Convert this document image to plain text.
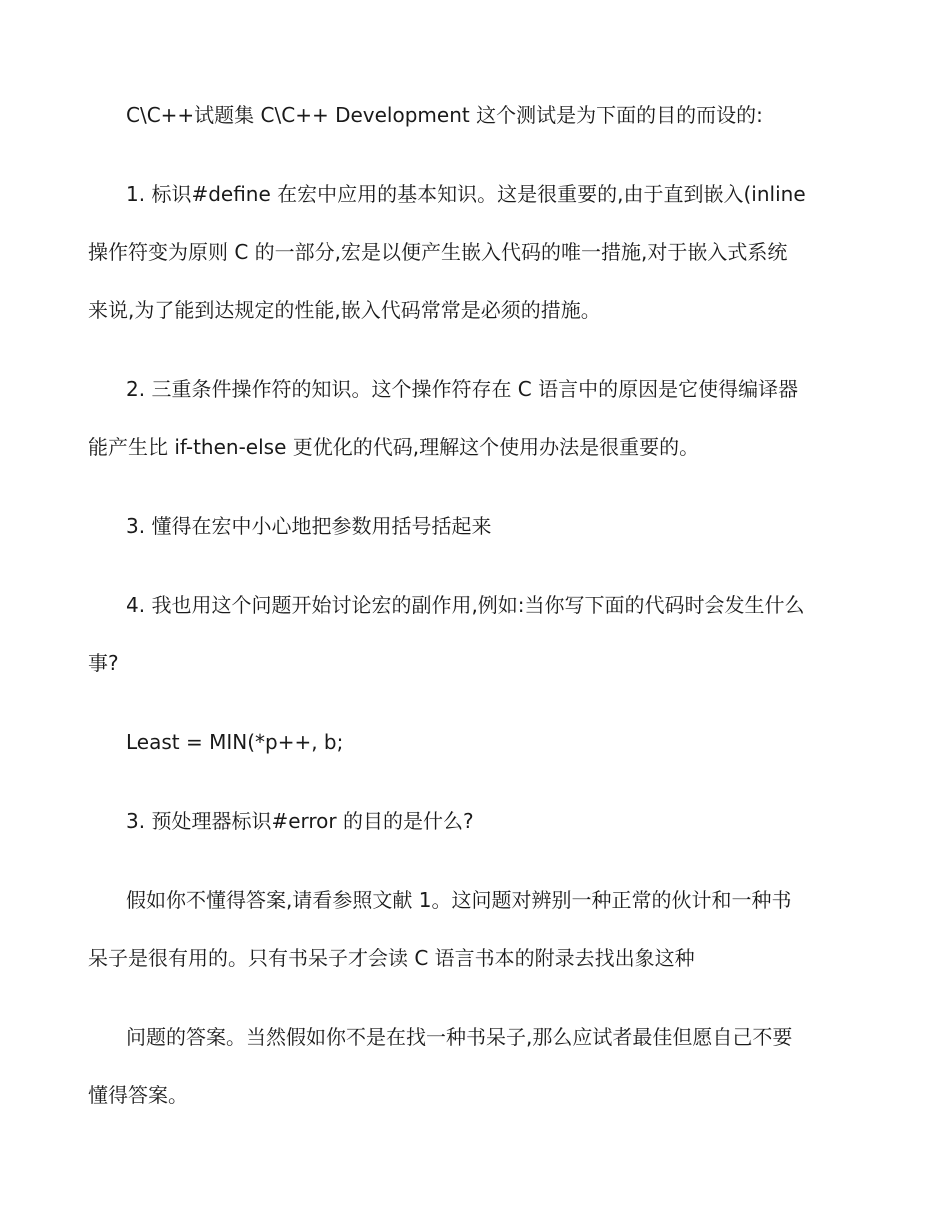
C\C++试题集 C\C++ Development 这个测试是为下面的目的而设的:

1. 标识#define 在宏中应用的基本知识。这是很重要的,由于直到嵌入(inline
操作符变为原则 C 的一部分,宏是以便产生嵌入代码的唯一措施,对于嵌入式系统
来说,为了能到达规定的性能,嵌入代码常常是必须的措施。

2. 三重条件操作符的知识。这个操作符存在 C 语言中的原因是它使得编译器
能产生比 if-then-else 更优化的代码,理解这个使用办法是很重要的。

3. 懂得在宏中小心地把参数用括号括起来

4. 我也用这个问题开始讨论宏的副作用,例如:当你写下面的代码时会发生什么
事?

Least = MIN(*p++, b;

3. 预处理器标识#error 的目的是什么?

假如你不懂得答案,请看参照文献 1。这问题对辨别一种正常的伙计和一种书
呆子是很有用的。只有书呆子才会读 C 语言书本的附录去找出象这种

问题的答案。当然假如你不是在找一种书呆子,那么应试者最佳但愿自己不要
懂得答案。
